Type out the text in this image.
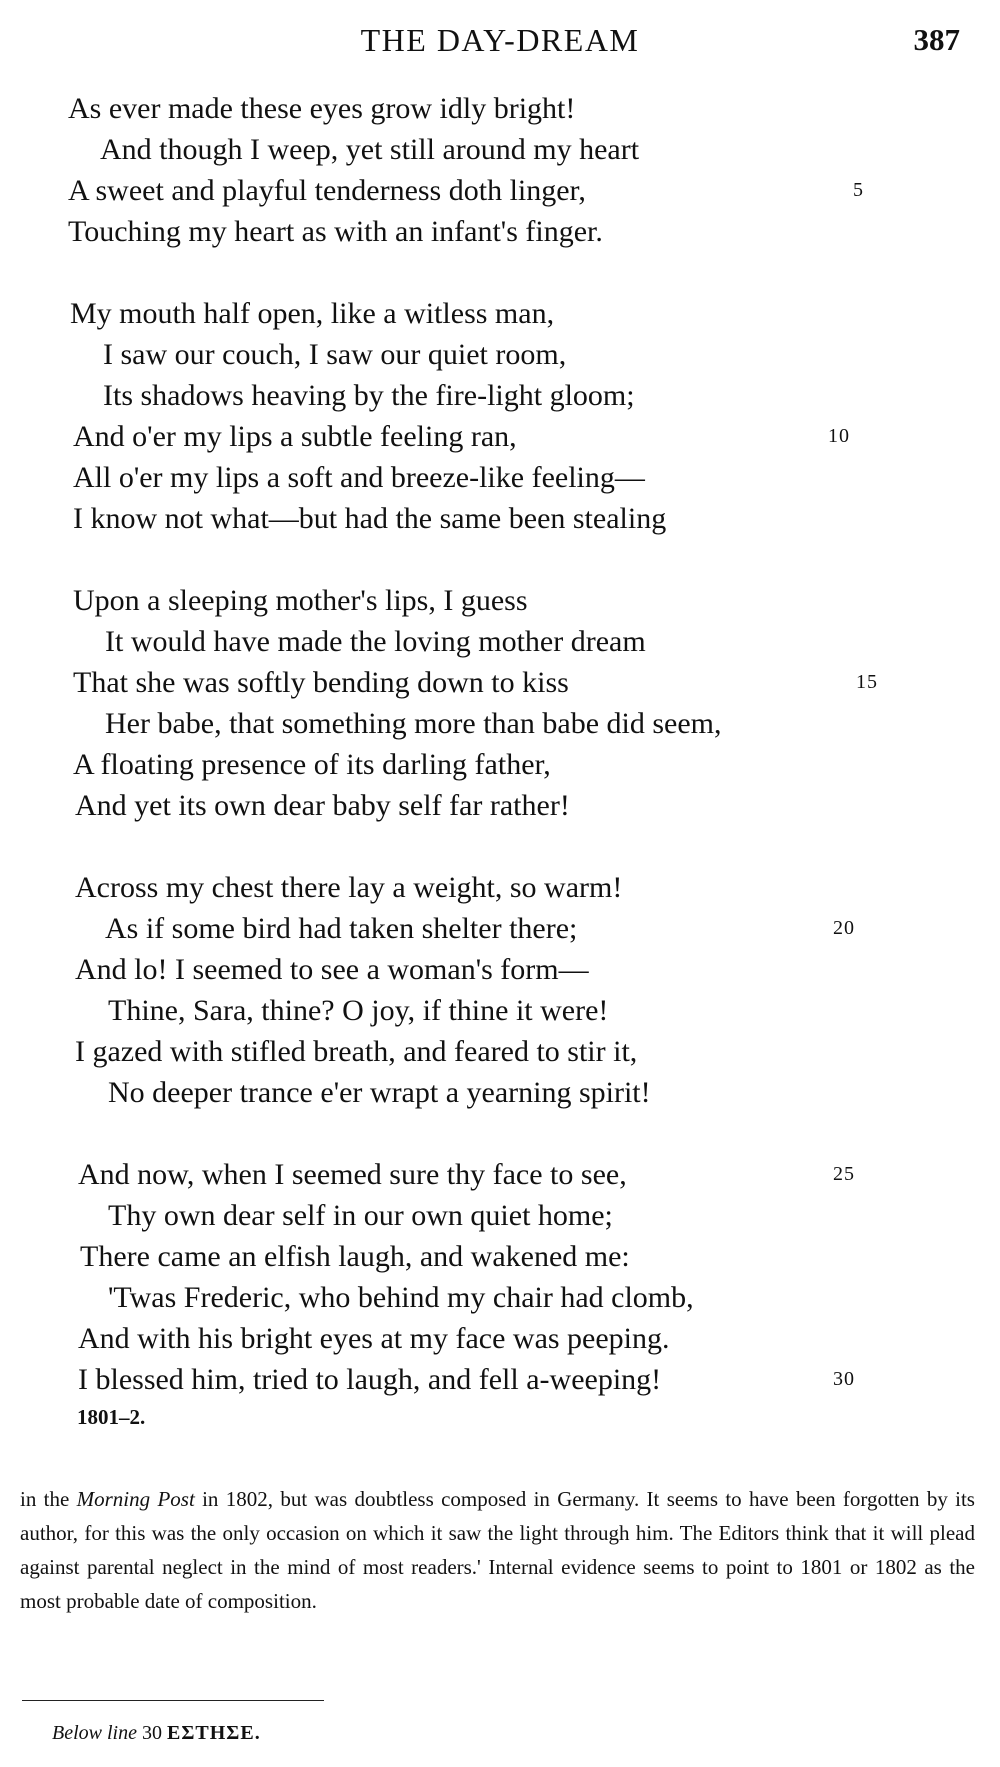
THE DAY-DREAM	387
As ever made these eyes grow idly bright!
And though I weep, yet still around my heart
A sweet and playful tenderness doth linger,	5
Touching my heart as with an infant's finger.
My mouth half open, like a witless man,
I saw our couch, I saw our quiet room,
Its shadows heaving by the fire-light gloom;
And o'er my lips a subtle feeling ran,	10
All o'er my lips a soft and breeze-like feeling—
I know not what—but had the same been stealing
Upon a sleeping mother's lips, I guess
It would have made the loving mother dream
That she was softly bending down to kiss	15
Her babe, that something more than babe did seem,
A floating presence of its darling father,
And yet its own dear baby self far rather!
Across my chest there lay a weight, so warm!
As if some bird had taken shelter there;	20
And lo! I seemed to see a woman's form—
Thine, Sara, thine? O joy, if thine it were!
I gazed with stifled breath, and feared to stir it,
No deeper trance e'er wrapt a yearning spirit!
And now, when I seemed sure thy face to see,	25
Thy own dear self in our own quiet home;
There came an elfish laugh, and wakened me:
'Twas Frederic, who behind my chair had clomb,
And with his bright eyes at my face was peeping.
I blessed him, tried to laugh, and fell a-weeping!	30
1801–2.

in the Morning Post in 1802, but was doubtless composed in Germany. It seems to have been forgotten by its author, for this was the only occasion on which it saw the light through him. The Editors think that it will plead against parental neglect in the mind of most readers.' Internal evidence seems to point to 1801 or 1802 as the most probable date of composition.

Below line 30 ΕΣΤΗΣΕ.
